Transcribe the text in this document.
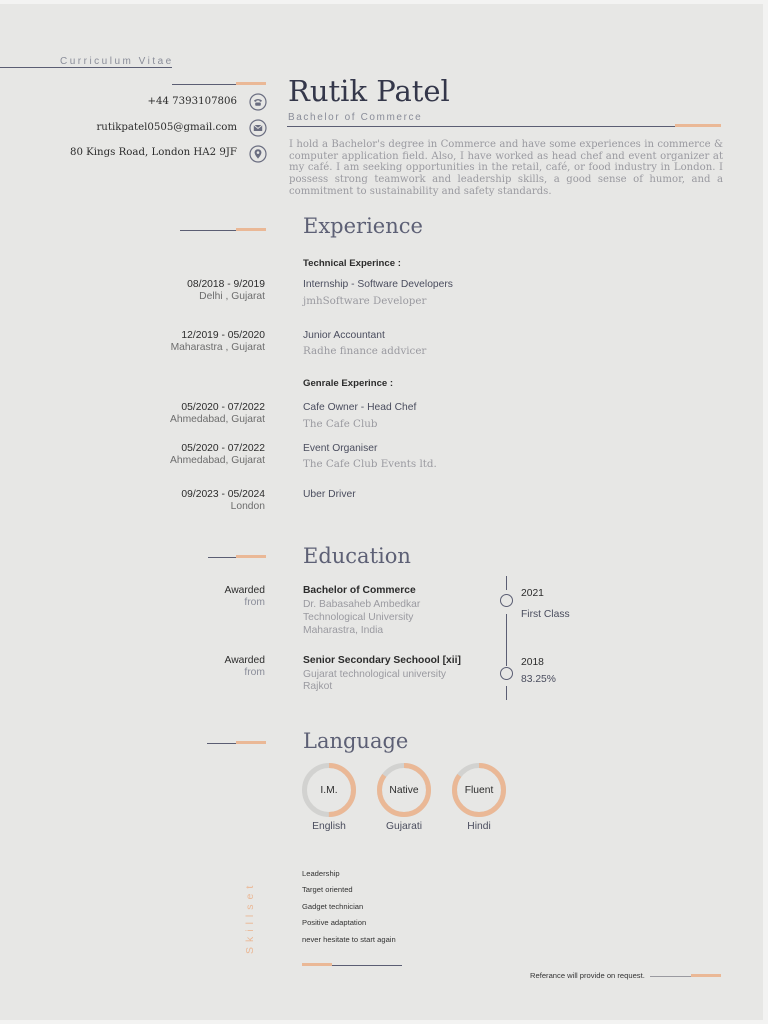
Curriculum Vitae
Rutik Patel
Bachelor of Commerce
I hold a Bachelor's degree in Commerce and have some experiences in commerce & computer application field. Also, I have worked as head chef and event organizer at my café. I am seeking opportunities in the retail, café, or food industry in London. I possess strong teamwork and leadership skills, a good sense of humor, and a commitment to sustainability and safety standards.
+44 7393107806
rutikpatel0505@gmail.com
80 Kings Road, London HA2 9JF
Experience
Technical Experince :
08/2018 - 9/2019
Delhi , Gujarat
Internship - Software Developers
jmhSoftware Developer
12/2019 - 05/2020
Maharastra , Gujarat
Junior Accountant
Radhe finance addvicer
Genrale Experince :
05/2020 - 07/2022
Ahmedabad, Gujarat
Cafe Owner - Head Chef
The Cafe Club
05/2020 - 07/2022
Ahmedabad, Gujarat
Event Organiser
The Cafe Club Events ltd.
09/2023 - 05/2024
London
Uber Driver
Education
Awarded
from
Bachelor of Commerce
Dr. Babasaheb Ambedkar Technological University
Maharastra, India
Awarded
from
Senior Secondary Sechoool [xii]
Gujarat technological university
Rajkot
2021
First Class
2018
83.25%
Language
I.M.
English
Native
Gujarati
Fluent
Hindi
Skillset
Leadership
Target oriented
Gadget technician
Positive adaptation
never hesitate to start again
Referance will provide on request.
